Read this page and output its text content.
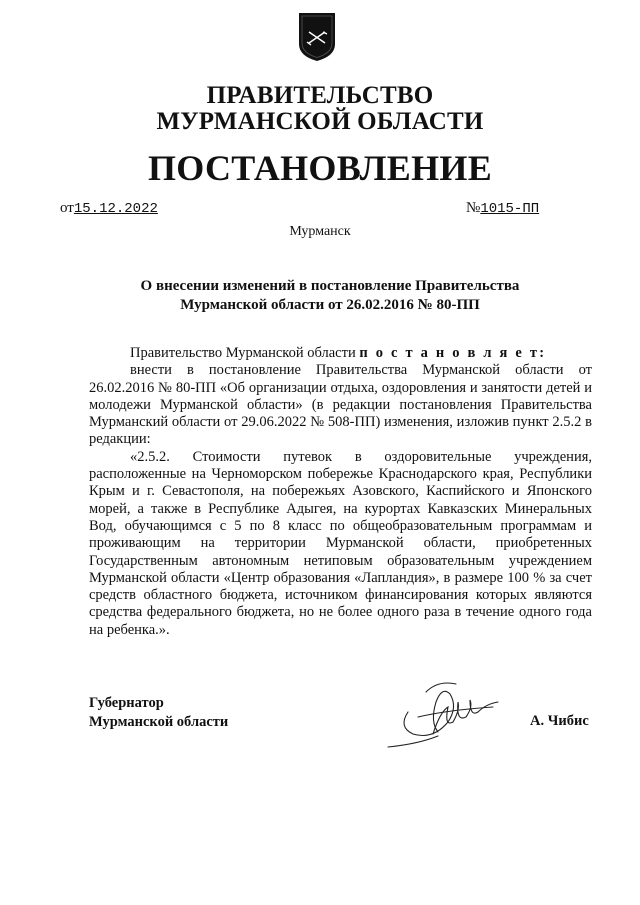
ПРАВИТЕЛЬСТВО
МУРМАНСКОЙ ОБЛАСТИ
ПОСТАНОВЛЕНИЕ
от15.12.2022	№1015-ПП
Мурманск
О внесении изменений в постановление Правительства
Мурманской области от 26.02.2016 № 80-ПП

Правительство Мурманской области п о с т а н о в л я е т:

внести в постановление Правительства Мурманской области от 26.02.2016 № 80-ПП «Об организации отдыха, оздоровления и занятости детей и молодежи Мурманской области» (в редакции постановления Правительства Мурманский области от 29.06.2022 № 508-ПП) изменения, изложив пункт 2.5.2 в редакции:

«2.5.2. Стоимости путевок в оздоровительные учреждения, расположенные на Черноморском побережье Краснодарского края, Республики Крым и г. Севастополя, на побережьях Азовского, Каспийского и Японского морей, а также в Республике Адыгея, на курортах Кавказских Минеральных Вод, обучающимся с 5 по 8 класс по общеобразовательным программам и проживающим на территории Мурманской области, приобретенных Государственным автономным нетиповым образовательным учреждением Мурманской области «Центр образования «Лапландия», в размере 100 % за счет средств областного бюджета, источником финансирования которых являются средства федерального бюджета, но не более одного раза в течение одного года на ребенка.».

Губернатор
Мурманской области	А. Чибис
